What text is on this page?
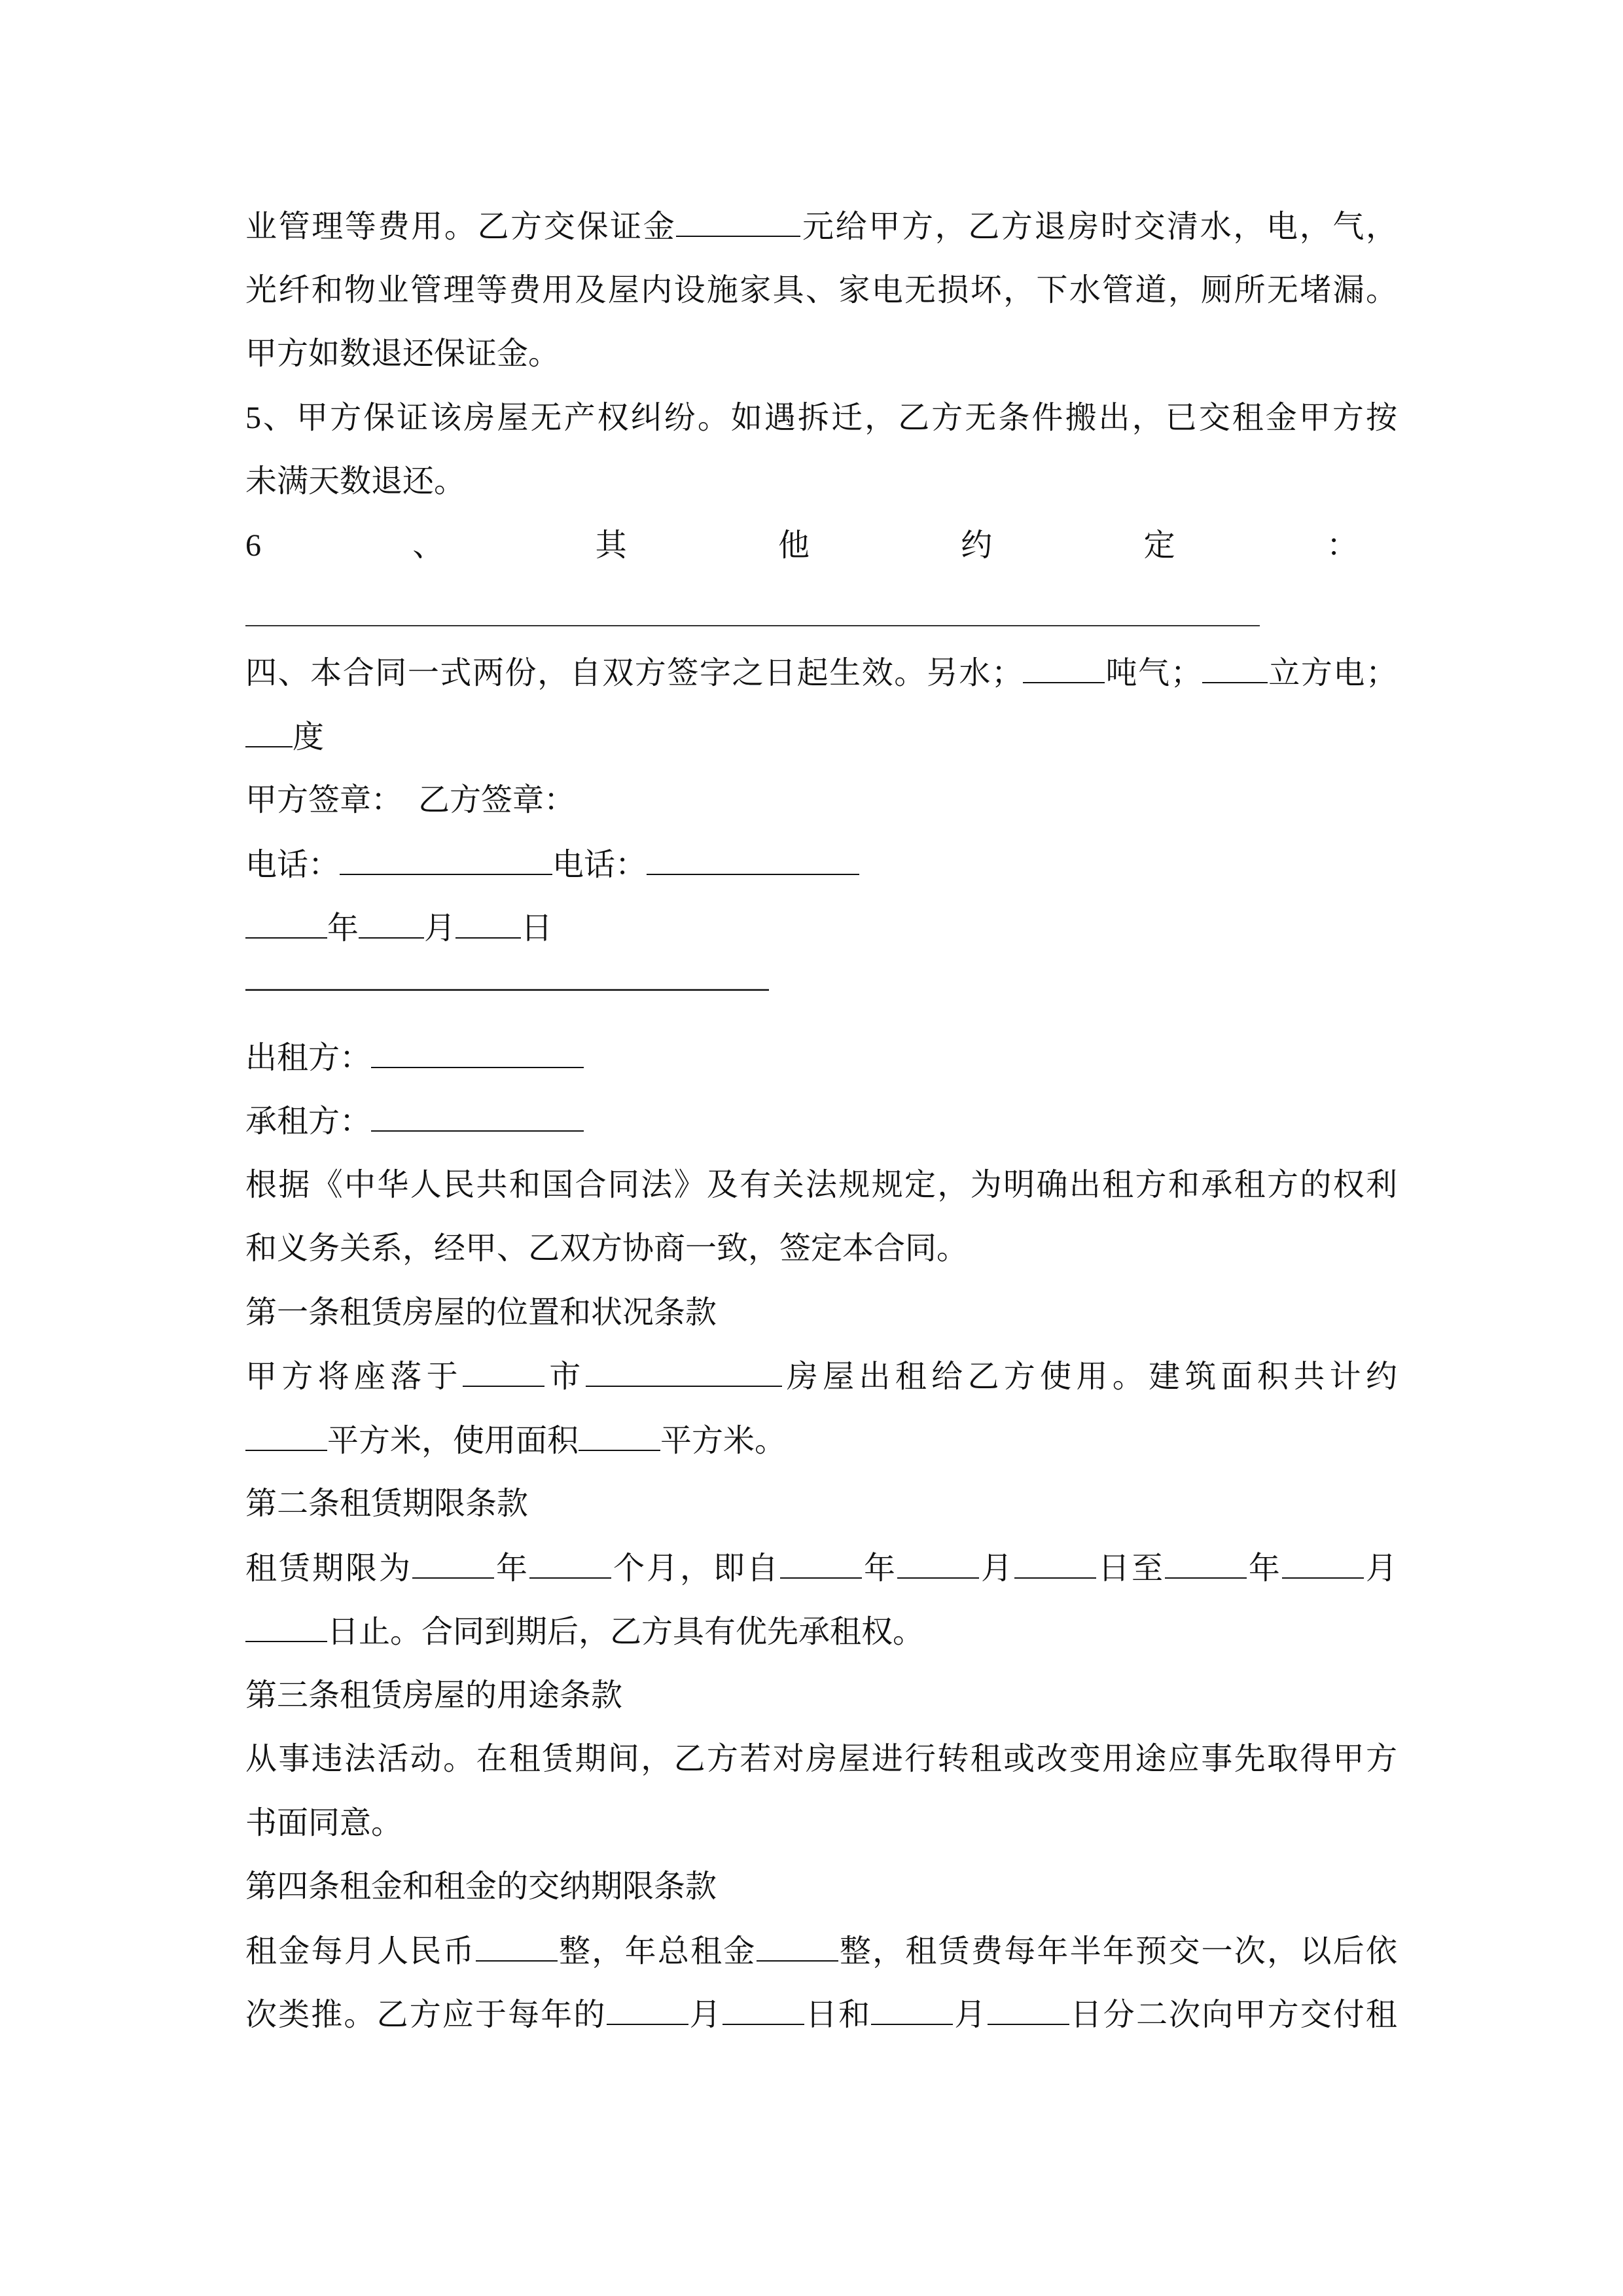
业管理等费用。乙方交保证金	元给甲方，乙方退房时交清水，电，气，
光纤和物业管理等费用及屋内设施家具、家电无损坏，下水管道，厕所无堵漏。
甲方如数退还保证金。
5、甲方保证该房屋无产权纠纷。如遇拆迁，乙方无条件搬出，已交租金甲方按
未满天数退还。
6	、	其	他	约	定	：
四、本合同一式两份，自双方签字之日起生效。另水；	吨气； 立方电；
度
甲方签章：　乙方签章：
电话：	电话：
年 月 日
出租方：
承租方：
根据《中华人民共和国合同法》及有关法规规定，为明确出租方和承租方的权利
和义务关系，经甲、乙双方协商一致，签定本合同。
第一条租赁房屋的位置和状况条款
甲方将座落于	市	房屋出租给乙方使用。建筑面积共计约
平方米，使用面积	平方米。
第二条租赁期限条款
租赁期限为	年	个月，即自	年	月	日至	年	月
日止。合同到期后，乙方具有优先承租权。
第三条租赁房屋的用途条款
从事违法活动。在租赁期间，乙方若对房屋进行转租或改变用途应事先取得甲方
书面同意。
第四条租金和租金的交纳期限条款
租金每月人民币	整，年总租金	整，租赁费每年半年预交一次，以后依
次类推。乙方应于每年的	月	日和	月	日分二次向甲方交付租
